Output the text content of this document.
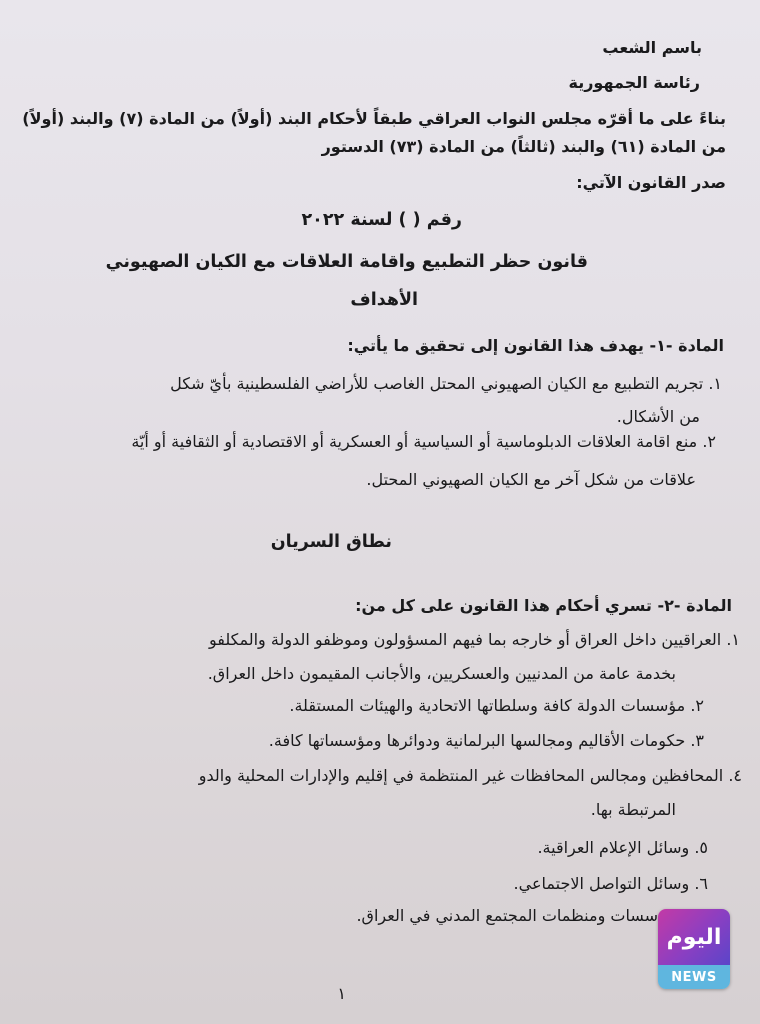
باسم الشعب

رئاسة الجمهورية

بناءً على ما أقرّه مجلس النواب العراقي طبقاً لأحكام البند (أولاً) من المادة (٧) والبند (أولاً)

من المادة (٦١) والبند (ثالثاً) من المادة (٧٣) الدستور

صدر القانون الآتي:

رقم ( ) لسنة ٢٠٢٢

قانون حظر التطبيع واقامة العلاقات مع الكيان الصهيوني

الأهداف

المادة -١- يهدف هذا القانون إلى تحقيق ما يأتي:

١. تجريم التطبيع مع الكيان الصهيوني المحتل الغاصب للأراضي الفلسطينية بأيّ شكل

من الأشكال.

٢. منع اقامة العلاقات الدبلوماسية أو السياسية أو العسكرية أو الاقتصادية أو الثقافية أو أيّة

علاقات من شكل آخر مع الكيان الصهيوني المحتل.

نطاق السريان

المادة -٢- تسري أحكام هذا القانون على كل من:

١. العراقيين داخل العراق أو خارجه بما فيهم المسؤولون وموظفو الدولة والمكلفو

بخدمة عامة من المدنيين والعسكريين، والأجانب المقيمون داخل العراق.

٢. مؤسسات الدولة كافة وسلطاتها الاتحادية والهيئات المستقلة.

٣. حكومات الأقاليم ومجالسها البرلمانية ودوائرها ومؤسساتها كافة.

٤. المحافظين ومجالس المحافظات غير المنتظمة في إقليم والإدارات المحلية والدو

المرتبطة بها.

٥. وسائل الإعلام العراقية.

٦. وسائل التواصل الاجتماعي.

سسات ومنظمات المجتمع المدني في العراق.

١

اليوم
NEWS
